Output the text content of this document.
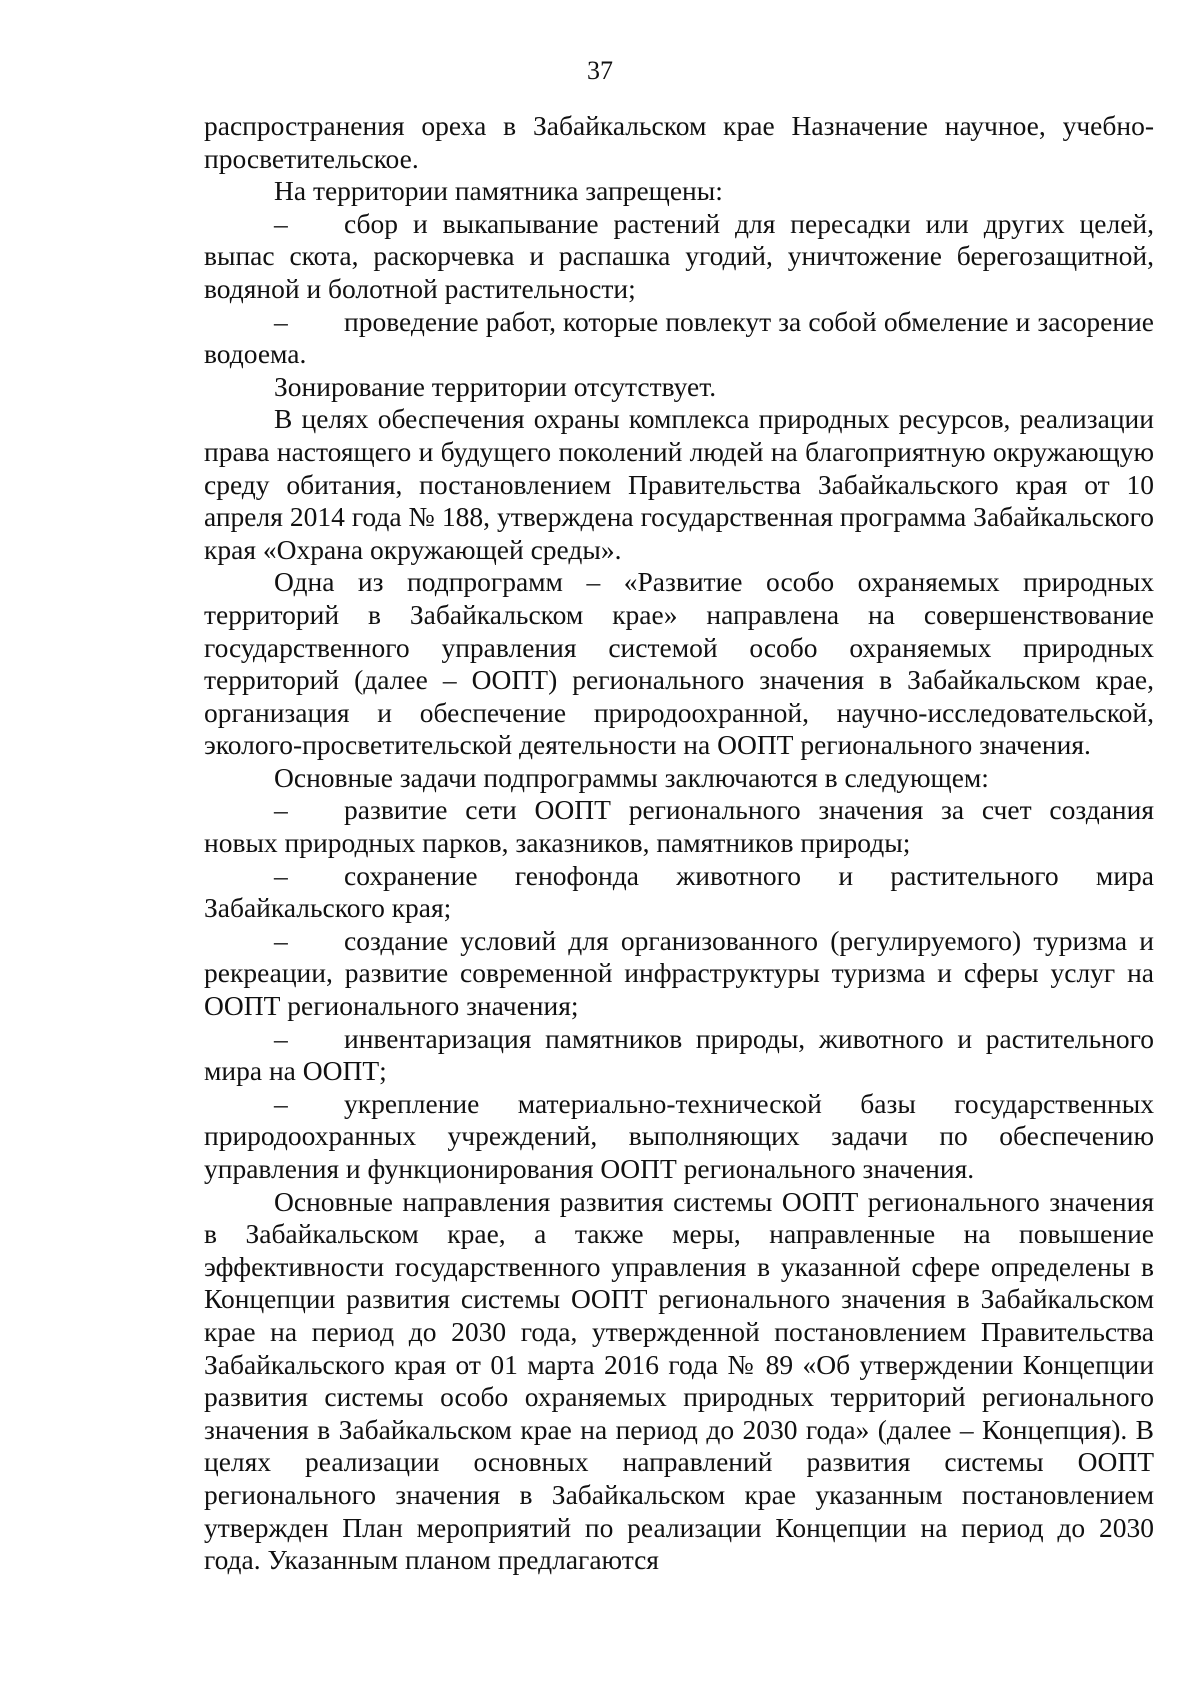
37

распространения ореха в Забайкальском крае Назначение научное, учебно-просветительское.

На территории памятника запрещены:

– сбор и выкапывание растений для пересадки или других целей, выпас скота, раскорчевка и распашка угодий, уничтожение берегозащитной, водяной и болотной растительности;

– проведение работ, которые повлекут за собой обмеление и засорение водоема.

Зонирование территории отсутствует.

В целях обеспечения охраны комплекса природных ресурсов, реализации права настоящего и будущего поколений людей на благоприятную окружающую среду обитания, постановлением Правительства Забайкальского края от 10 апреля 2014 года № 188, утверждена государственная программа Забайкальского края «Охрана окружающей среды».

Одна из подпрограмм – «Развитие особо охраняемых природных территорий в Забайкальском крае» направлена на совершенствование государственного управления системой особо охраняемых природных территорий (далее – ООПТ) регионального значения в Забайкальском крае, организация и обеспечение природоохранной, научно-исследовательской, эколого-просветительской деятельности на ООПТ регионального значения.

Основные задачи подпрограммы заключаются в следующем:

– развитие сети ООПТ регионального значения за счет создания новых природных парков, заказников, памятников природы;

– сохранение генофонда животного и растительного мира Забайкальского края;

– создание условий для организованного (регулируемого) туризма и рекреации, развитие современной инфраструктуры туризма и сферы услуг на ООПТ регионального значения;

– инвентаризация памятников природы, животного и растительного мира на ООПТ;

– укрепление материально-технической базы государственных природоохранных учреждений, выполняющих задачи по обеспечению управления и функционирования ООПТ регионального значения.

Основные направления развития системы ООПТ регионального значения в Забайкальском крае, а также меры, направленные на повышение эффективности государственного управления в указанной сфере определены в Концепции развития системы ООПТ регионального значения в Забайкальском крае на период до 2030 года, утвержденной постановлением Правительства Забайкальского края от 01 марта 2016 года № 89 «Об утверждении Концепции развития системы особо охраняемых природных территорий регионального значения в Забайкальском крае на период до 2030 года» (далее – Концепция). В целях реализации основных направлений развития системы ООПТ регионального значения в Забайкальском крае указанным постановлением утвержден План мероприятий по реализации Концепции на период до 2030 года. Указанным планом предлагаются
